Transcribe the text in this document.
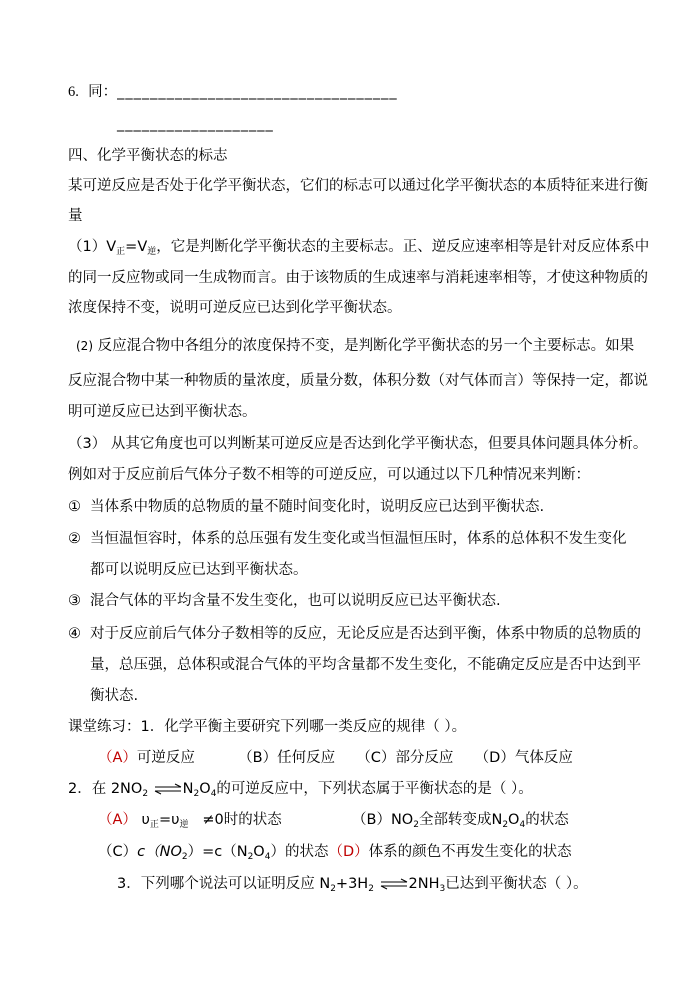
6. 同：__________________________________
___________________
四、化学平衡状态的标志
某可逆反应是否处于化学平衡状态，它们的标志可以通过化学平衡状态的本质特征来进行衡
量
$(1)V_正=V_逆$，它是判断化学平衡状态的主要标志。正、逆反应速率相等是针对反应体系中
的同一反应物或同一生成物而言。由于该物质的生成速率与消耗速率相等，才使这种物质的
浓度保持不变，说明可逆反应已达到化学平衡状态。
(2) 反应混合物中各组分的浓度保持不变，是判断化学平衡状态的另一个主要标志。如果
反应混合物中某一种物质的量浓度，质量分数，体积分数（对气体而言）等保持一定，都说
明可逆反应已达到平衡状态。
（3） 从其它角度也可以判断某可逆反应是否达到化学平衡状态，但要具体问题具体分析。
例如对于反应前后气体分子数不相等的可逆反应，可以通过以下几种情况来判断：
① 当体系中物质的总物质的量不随时间变化时，说明反应已达到平衡状态.
② 当恒温恒容时，体系的总压强有发生变化或当恒温恒压时，体系的总体积不发生变化
都可以说明反应已达到平衡状态。
③ 混合气体的平均含量不发生变化，也可以说明反应已达平衡状态.
④ 对于反应前后气体分子数相等的反应，无论反应是否达到平衡，体系中物质的总物质的
量，总压强，总体积或混合气体的平均含量都不发生变化，不能确定反应是否中达到平
衡状态.
课堂练习：1．化学平衡主要研究下列哪一类反应的规律（ ）。
（A）可逆反应	（B）任何反应 （C）部分反应 （D）气体反应
2．在 $2NO_2$ $\rightleftharpoons N_2O_4$的可逆反应中，下列状态属于平衡状态的是（ ）。
（A） $\upsilon_正=\upsilon_逆 \ne 0$时的状态	$(B)NO_2$全部转变成$N_2O_4$的状态
$(C)c(NO_2)=c(N_2O_4)$的状态（D）体系的颜色不再发生变化的状态
3．下列哪个说法可以证明反应 $N_2+3H_2$ $\rightleftharpoons 2NH_3$已达到平衡状态（ ）。
